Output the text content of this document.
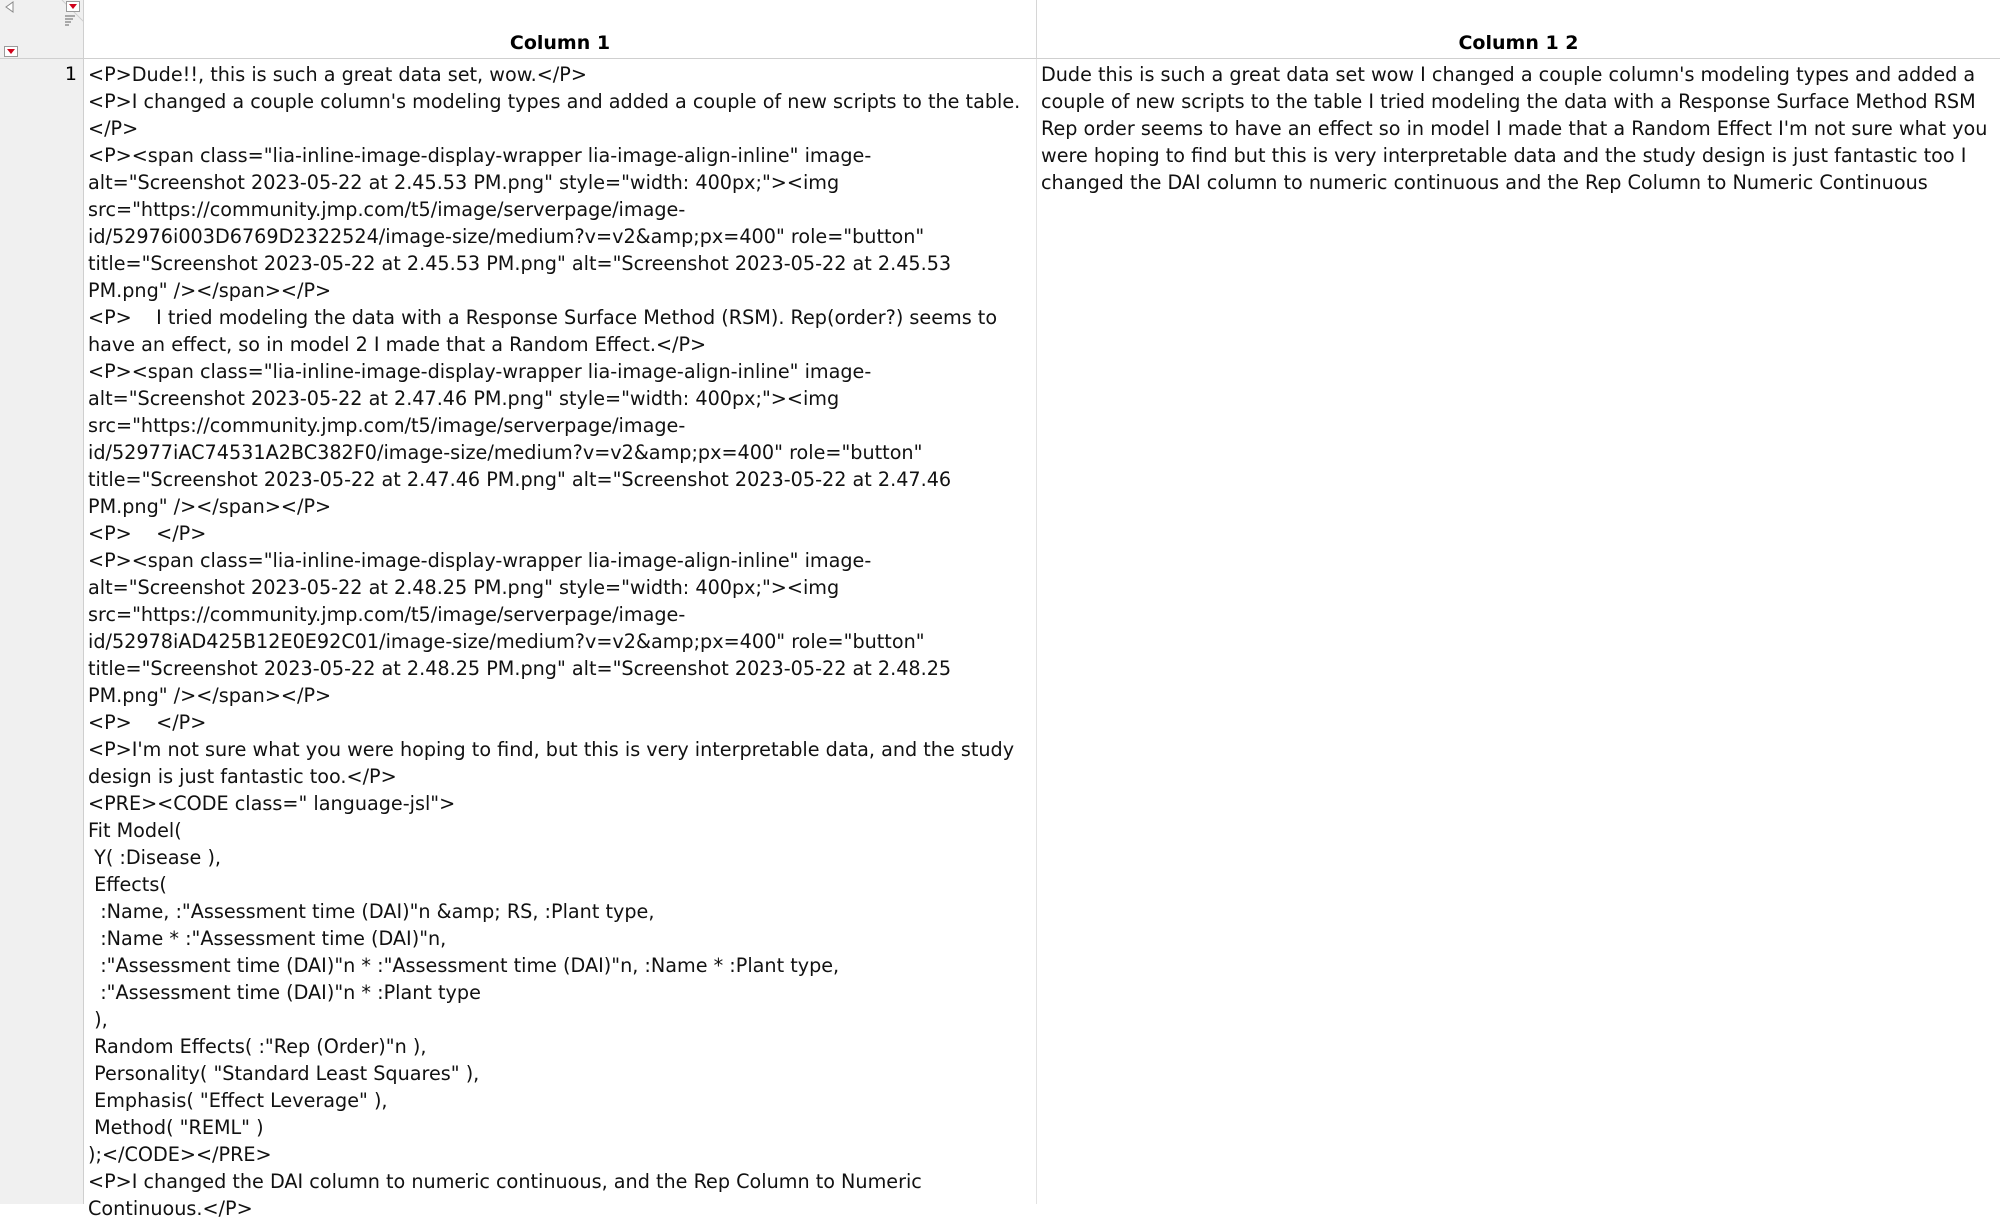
Column 1	Column 1 2
1 <P>Dude!!, this is such a great data set, wow.</P>
<P>I changed a couple column's modeling types and added a couple of new scripts to the table.</P>
<P><span class="lia-inline-image-display-wrapper lia-image-align-inline" image-alt="Screenshot 2023-05-22 at 2.45.53 PM.png" style="width: 400px;"><img src="https://community.jmp.com/t5/image/serverpage/image-id/52976i003D6769D2322524/image-size/medium?v=v2&amp;px=400" role="button" title="Screenshot 2023-05-22 at 2.45.53 PM.png" alt="Screenshot 2023-05-22 at 2.45.53 PM.png" /></span></P>
<P>    I tried modeling the data with a Response Surface Method (RSM). Rep(order?) seems to have an effect, so in model 2 I made that a Random Effect.</P>
<P><span class="lia-inline-image-display-wrapper lia-image-align-inline" image-alt="Screenshot 2023-05-22 at 2.47.46 PM.png" style="width: 400px;"><img src="https://community.jmp.com/t5/image/serverpage/image-id/52977iAC74531A2BC382F0/image-size/medium?v=v2&amp;px=400" role="button" title="Screenshot 2023-05-22 at 2.47.46 PM.png" alt="Screenshot 2023-05-22 at 2.47.46 PM.png" /></span></P>
<P>    </P>
<P><span class="lia-inline-image-display-wrapper lia-image-align-inline" image-alt="Screenshot 2023-05-22 at 2.48.25 PM.png" style="width: 400px;"><img src="https://community.jmp.com/t5/image/serverpage/image-id/52978iAD425B12E0E92C01/image-size/medium?v=v2&amp;px=400" role="button" title="Screenshot 2023-05-22 at 2.48.25 PM.png" alt="Screenshot 2023-05-22 at 2.48.25 PM.png" /></span></P>
<P>    </P>
<P>I'm not sure what you were hoping to find, but this is very interpretable data, and the study design is just fantastic too.</P>
<PRE><CODE class=" language-jsl">
Fit Model(
Y( :Disease ),
Effects(
:Name, :"Assessment time (DAI)"n &amp; RS, :Plant type,
:Name * :"Assessment time (DAI)"n,
:"Assessment time (DAI)"n * :"Assessment time (DAI)"n, :Name * :Plant type,
:"Assessment time (DAI)"n * :Plant type
),
Random Effects( :"Rep (Order)"n ),
Personality( "Standard Least Squares" ),
Emphasis( "Effect Leverage" ),
Method( "REML" )
);</CODE></PRE>
<P>I changed the DAI column to numeric continuous, and the Rep Column to Numeric Continuous.</P>
Dude this is such a great data set wow I changed a couple column's modeling types and added a couple of new scripts to the table I tried modeling the data with a Response Surface Method RSM Rep order seems to have an effect so in model I made that a Random Effect I'm not sure what you were hoping to find but this is very interpretable data and the study design is just fantastic too I changed the DAI column to numeric continuous and the Rep Column to Numeric Continuous
